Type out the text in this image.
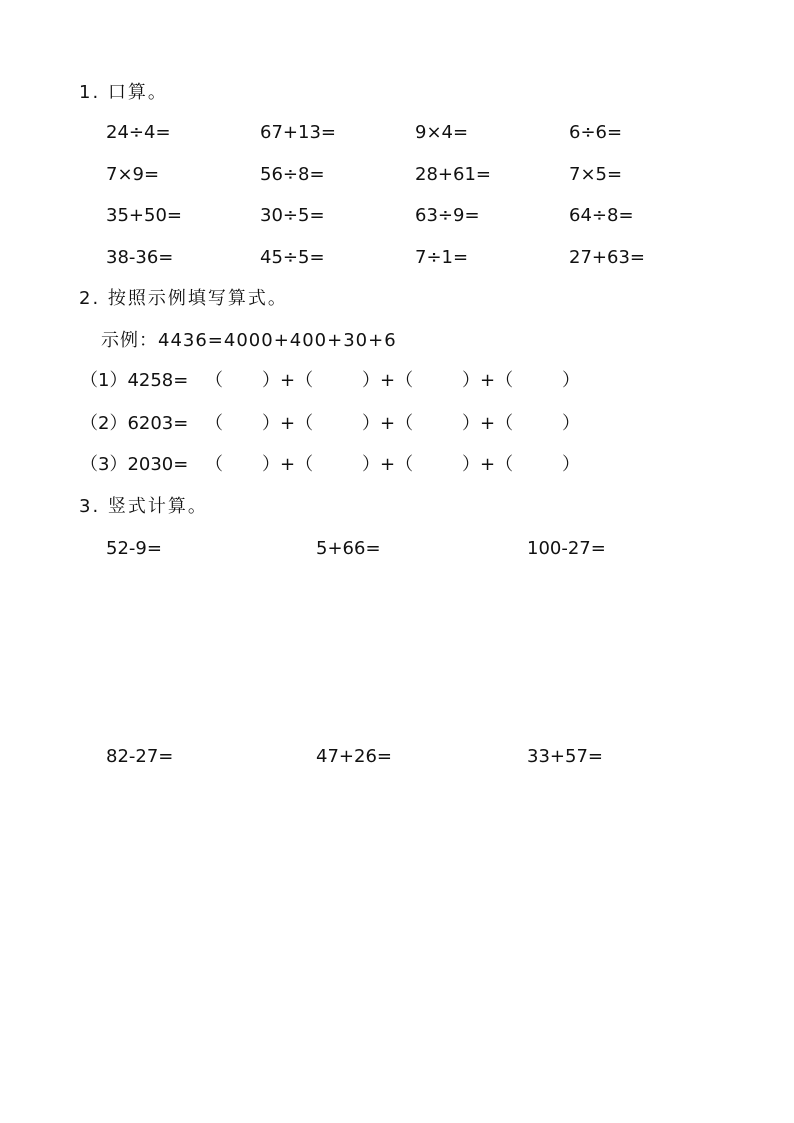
1. 口算。
24÷4=	67+13=	9×4=	6÷6=
7×9=	56÷8=	28+61=	7×5=
35+50=	30÷5=	63÷9=	64÷8=
38-36=	45÷5=	7÷1=	27+63=
2. 按照示例填写算式。
示例：4436=4000+400+30+6
（1）4258= （ ）+（	）+（	）+（	）
（2）6203= （ ）+（	）+（	）+（	）
（3）2030= （ ）+（	）+（	）+（	）
3. 竖式计算。
52-9=	5+66=	100-27=
82-27=	47+26=	33+57=
